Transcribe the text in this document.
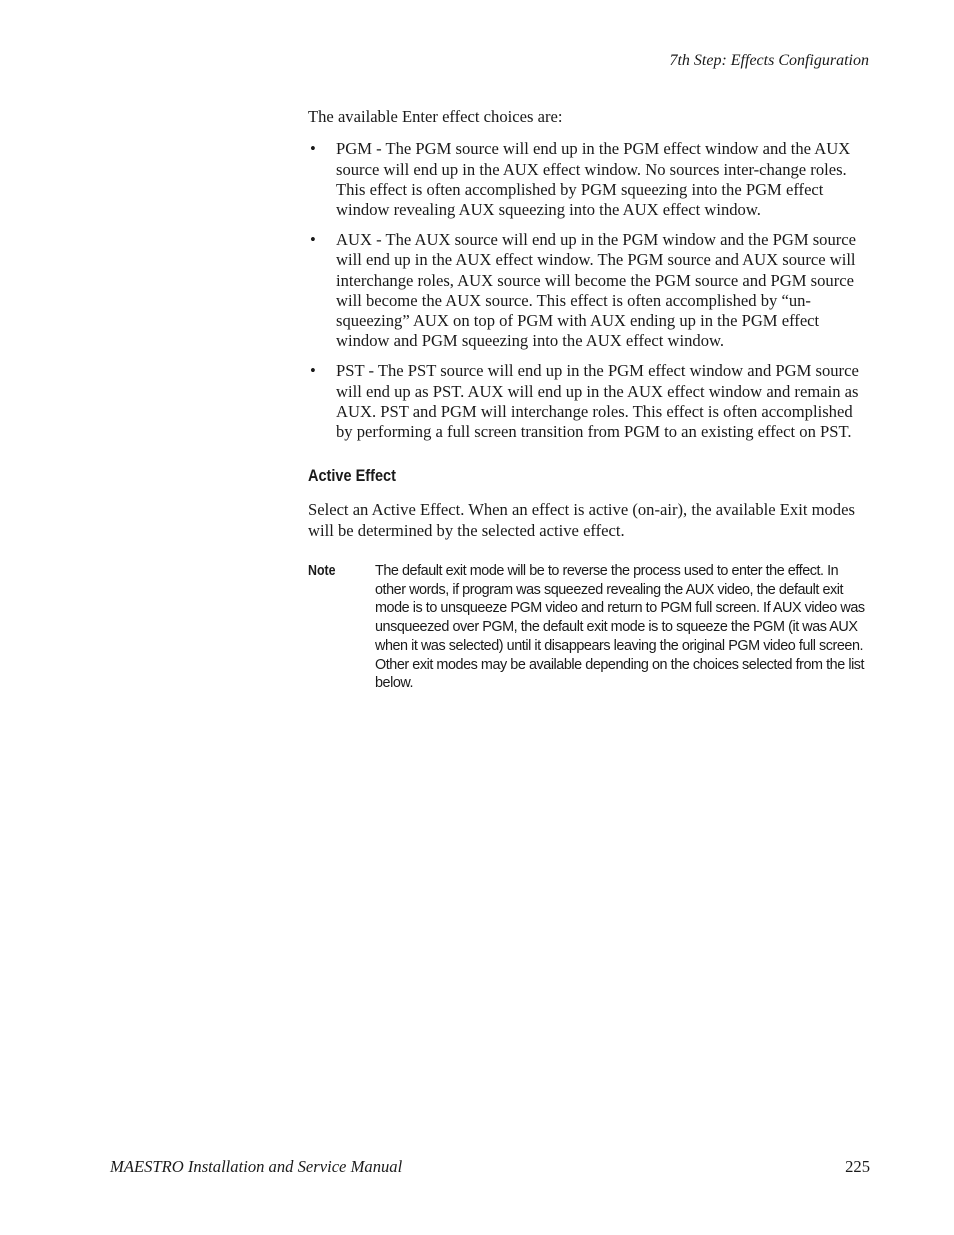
7th Step: Effects Configuration

The available Enter effect choices are:

• PGM - The PGM source will end up in the PGM effect window and the AUX source will end up in the AUX effect window. No sources inter-change roles. This effect is often accomplished by PGM squeezing into the PGM effect window revealing AUX squeezing into the AUX effect window.
• AUX - The AUX source will end up in the PGM window and the PGM source will end up in the AUX effect window. The PGM source and AUX source will interchange roles, AUX source will become the PGM source and PGM source will become the AUX source. This effect is often accomplished by “un-squeezing” AUX on top of PGM with AUX ending up in the PGM effect window and PGM squeezing into the AUX effect window.
• PST - The PST source will end up in the PGM effect window and PGM source will end up as PST. AUX will end up in the AUX effect window and remain as AUX. PST and PGM will interchange roles. This effect is often accomplished by performing a full screen transition from PGM to an existing effect on PST.
Active Effect

Select an Active Effect. When an effect is active (on-air), the available Exit modes will be determined by the selected active effect.

Note	The default exit mode will be to reverse the process used to enter the effect. In other words, if program was squeezed revealing the AUX video, the default exit mode is to unsqueeze PGM video and return to PGM full screen. If AUX video was unsqueezed over PGM, the default exit mode is to squeeze the PGM (it was AUX when it was selected) until it disappears leaving the original PGM video full screen. Other exit modes may be available depending on the choices selected from the list below.
MAESTRO Installation and Service Manual	225
